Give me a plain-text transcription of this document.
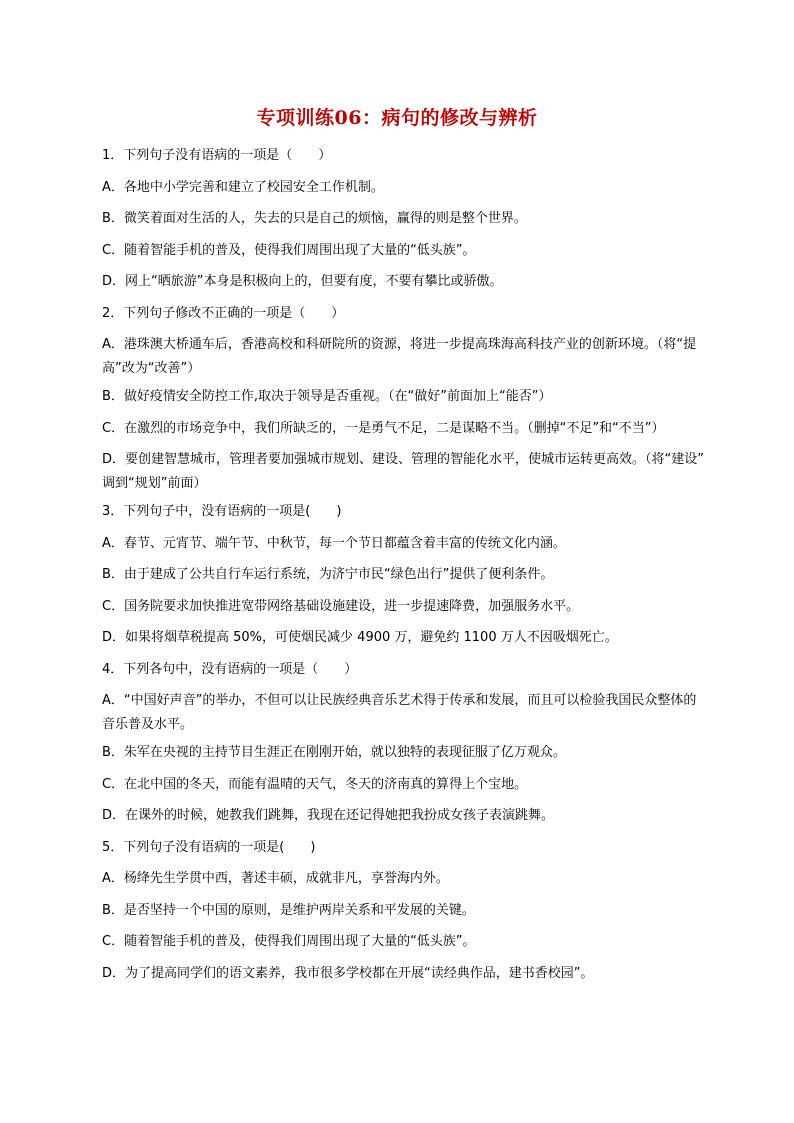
专项训练06：病句的修改与辨析
1．下列句子没有语病的一项是（　　）
A．各地中小学完善和建立了校园安全工作机制。
B．微笑着面对生活的人，失去的只是自己的烦恼，赢得的则是整个世界。
C．随着智能手机的普及，使得我们周围出现了大量的“低头族”。
D．网上“晒旅游”本身是积极向上的，但要有度，不要有攀比或骄傲。
2．下列句子修改不正确的一项是（　　）
A．港珠澳大桥通车后，香港高校和科研院所的资源，将进一步提高珠海高科技产业的创新环境。（将“提
高”改为“改善”）
B．做好疫情安全防控工作,取决于领导是否重视。（在“做好”前面加上“能否”）
C．在激烈的市场竞争中，我们所缺乏的，一是勇气不足，二是谋略不当。（删掉“不足”和“不当”）
D．要创建智慧城市，管理者要加强城市规划、建设、管理的智能化水平，使城市运转更高效。（将“建设”
调到“规划”前面）
3．下列句子中，没有语病的一项是(　　)
A．春节、元宵节、端午节、中秋节，每一个节日都蕴含着丰富的传统文化内涵。
B．由于建成了公共自行车运行系统，为济宁市民“绿色出行”提供了便利条件。
C．国务院要求加快推进宽带网络基础设施建设，进一步提速降费，加强服务水平。
D．如果将烟草税提高 50%，可使烟民减少 4900 万，避免约 1100 万人不因吸烟死亡。
4．下列各句中，没有语病的一项是（　　）
A．“中国好声音”的举办，不但可以让民族经典音乐艺术得于传承和发展，而且可以检验我国民众整体的
音乐普及水平。
B．朱军在央视的主持节目生涯正在刚刚开始，就以独特的表现征服了亿万观众。
C．在北中国的冬天，而能有温晴的天气，冬天的济南真的算得上个宝地。
D．在课外的时候，她教我们跳舞，我现在还记得她把我扮成女孩子表演跳舞。
5．下列句子没有语病的一项是(　　)
A．杨绛先生学贯中西，著述丰硕，成就非凡，享誉海内外。
B．是否坚持一个中国的原则，是维护两岸关系和平发展的关键。
C．随着智能手机的普及，使得我们周围出现了大量的“低头族”。
D．为了提高同学们的语文素养，我市很多学校都在开展“读经典作品，建书香校园”。
